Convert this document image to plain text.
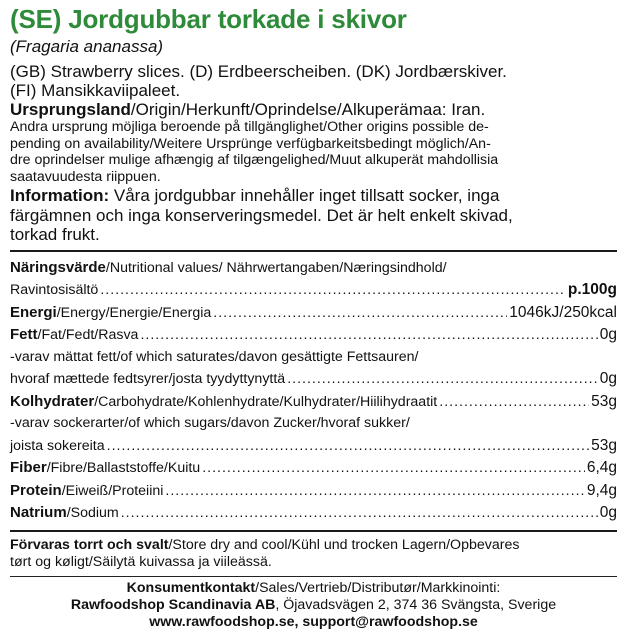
(SE) Jordgubbar torkade i skivor
(Fragaria ananassa)
(GB) Strawberry slices. (D) Erdbeerscheiben. (DK) Jordbærskiver.
(FI) Mansikkaviipaleet.
Ursprungsland/Origin/Herkunft/Oprindelse/Alkuperämaa: Iran.
Andra ursprung möjliga beroende på tillgänglighet/Other origins possible de-
pending on availability/Weitere Ursprünge verfügbarkeitsbedingt möglich/An-
dre oprindelser mulige afhængig af tilgængelighed/Muut alkuperät mahdollisia
saatavuudesta riippuen.
Information: Våra jordgubbar innehåller inget tillsatt socker, inga
färgämnen och inga konserveringsmedel. Det är helt enkelt skivad,
torkad frukt.
Näringsvärde/Nutritional values/ Nährwertangaben/Næringsindhold/
Ravintosisältö .....	p.100g
Energi/Energy/Energie/Energia .....	1046kJ/250kcal
Fett/Fat/Fedt/Rasva .....	0g
-varav mättat fett/of which saturates/davon gesättigte Fettsauren/
hvoraf mættede fedtsyrer/josta tyydyttynyttä .....	0g
Kolhydrater/Carbohydrate/Kohlenhydrate/Kulhydrater/Hiilihydraatit .....	53g
-varav sockerarter/of which sugars/davon Zucker/hvoraf sukker/
joista sokereita .....	53g
Fiber/Fibre/Ballaststoffe/Kuitu .....	6,4g
Protein/Eiweiß/Proteiini .....	9,4g
Natrium/Sodium .....	0g
Förvaras torrt och svalt/Store dry and cool/Kühl und trocken Lagern/Opbevares
tørt og køligt/Säilytä kuivassa ja viileässä.
Konsumentkontakt/Sales/Vertrieb/Distributør/Markkinointi:
Rawfoodshop Scandinavia AB, Öjavadsvägen 2, 374 36 Svängsta, Sverige
www.rawfoodshop.se, support@rawfoodshop.se
